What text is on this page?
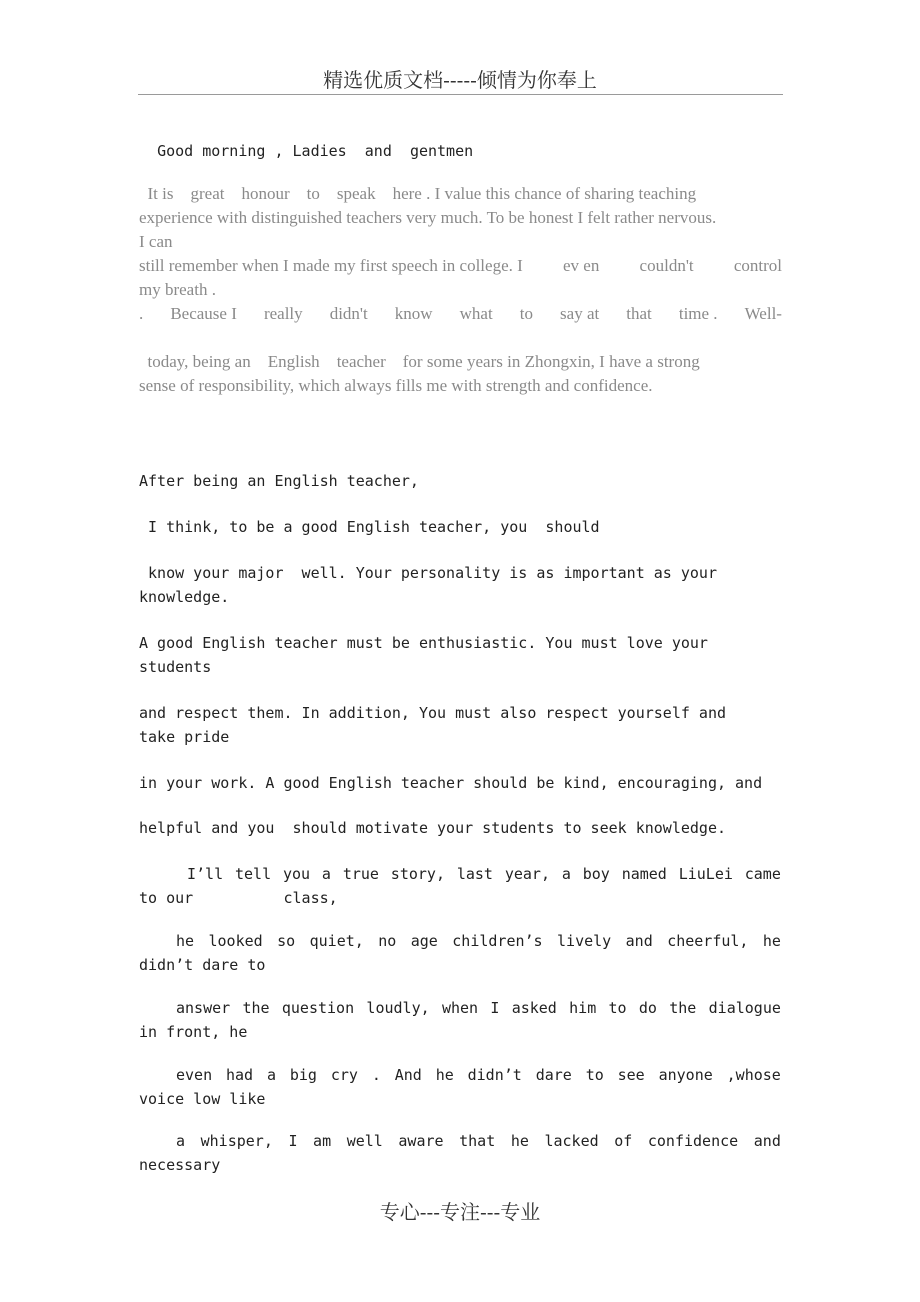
精选优质文档-----倾情为你奉上

Good morning , Ladies and gentmen

It is great honour to speak here . I value this chance of sharing teaching

experience with distinguished teachers very much. To be honest I felt rather nervous.
I can
still remember when I made my first speech in college. I ev en couldn't control
my breath .
. Because I really didn't know what to say at that time . Well-

today, being an English teacher for some years in Zhongxin, I have a strong

sense of responsibility, which always fills me with strength and confidence.
After being an English teacher,
I think, to be a good English teacher, you  should
know your major  well. Your personality is as important as your
knowledge.
A good English teacher must be enthusiastic. You must love your
students
and respect them. In addition, You must also respect yourself and
take pride
in your work. A good English teacher should be kind, encouraging, and
helpful and you  should motivate your students to seek knowledge.
I’ll tell you a true story, last year, a boy named LiuLei came
to our          class,
he looked so quiet, no age children’s lively and cheerful, he
didn’t dare to
answer the question loudly, when I asked him to do the dialogue
in front, he
even had a big cry . And he didn’t dare to see anyone ,whose
voice low like
a whisper, I am well aware that he lacked of confidence and
necessary
专心---专注---专业
